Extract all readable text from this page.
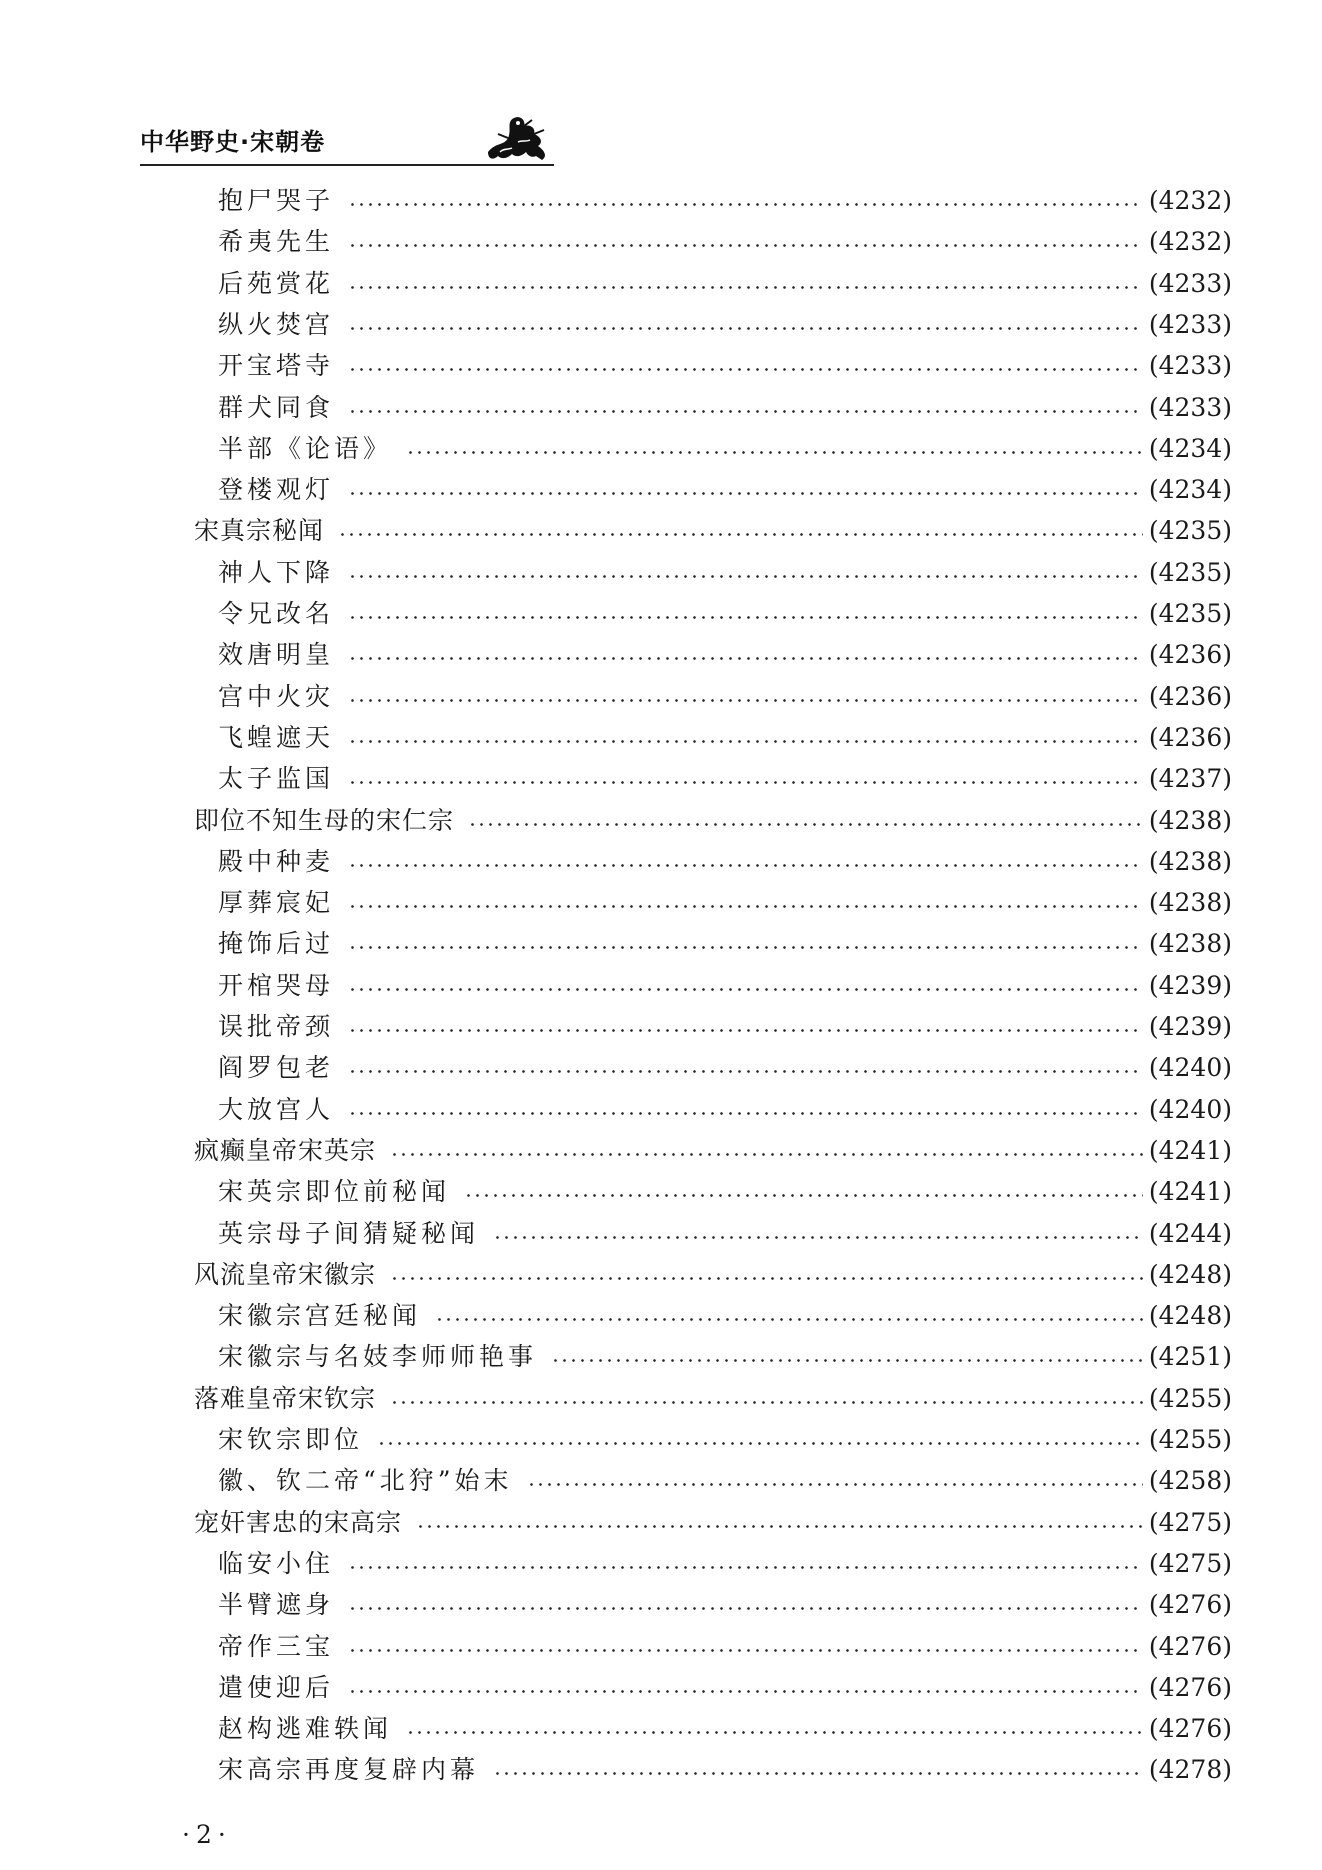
中华野史·宋朝卷
抱尸哭子	(4232)
希夷先生	(4232)
后苑赏花	(4233)
纵火焚宫	(4233)
开宝塔寺	(4233)
群犬同食	(4233)
半部《论语》	(4234)
登楼观灯	(4234)
宋真宗秘闻	(4235)
神人下降	(4235)
令兄改名	(4235)
效唐明皇	(4236)
宫中火灾	(4236)
飞蝗遮天	(4236)
太子监国	(4237)
即位不知生母的宋仁宗	(4238)
殿中种麦	(4238)
厚葬宸妃	(4238)
掩饰后过	(4238)
开棺哭母	(4239)
误批帝颈	(4239)
阎罗包老	(4240)
大放宫人	(4240)
疯癫皇帝宋英宗	(4241)
宋英宗即位前秘闻	(4241)
英宗母子间猜疑秘闻	(4244)
风流皇帝宋徽宗	(4248)
宋徽宗宫廷秘闻	(4248)
宋徽宗与名妓李师师艳事	(4251)
落难皇帝宋钦宗	(4255)
宋钦宗即位	(4255)
徽、钦二帝“北狩”始末	(4258)
宠奸害忠的宋高宗	(4275)
临安小住	(4275)
半臂遮身	(4276)
帝作三宝	(4276)
遣使迎后	(4276)
赵构逃难轶闻	(4276)
宋高宗再度复辟内幕	(4278)
·2·
